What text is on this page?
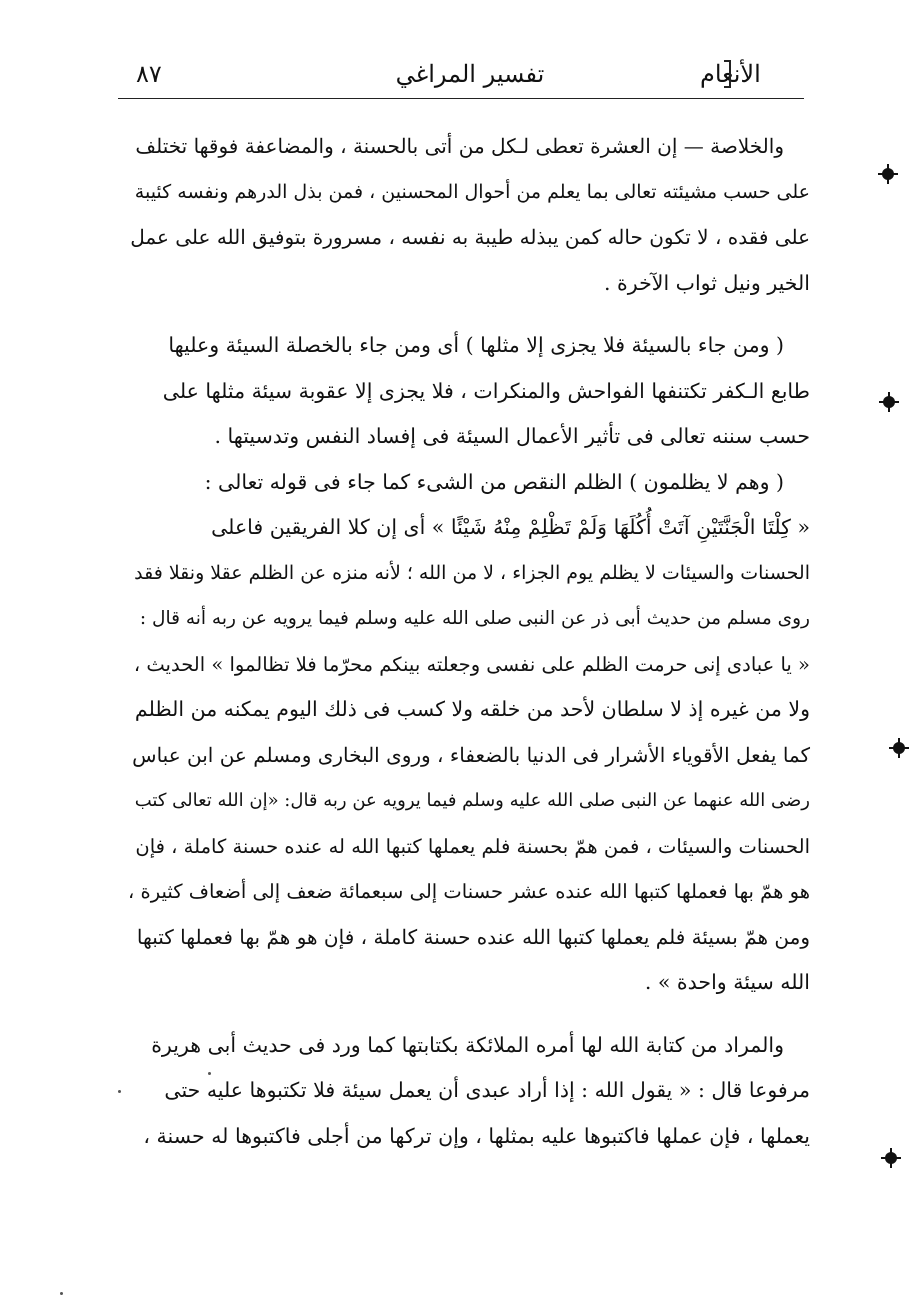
٨٧	تفسير المراغي	الأنعام
والخلاصة — إن العشرة تعطى لـكل من أتى بالحسنة ، والمضاعفة فوقها تختلف
على حسب مشيئته تعالى بما يعلم من أحوال المحسنين ، فمن بذل الدرهم ونفسه كئيبة
على فقده ، لا تكون حاله كمن يبذله طيبة به نفسه ، مسرورة بتوفيق الله على عمل
الخير ونيل ثواب الآخرة .
( ومن جاء بالسيئة فلا يجزى إلا مثلها ) أى ومن جاء بالخصلة السيئة وعليها
طابع الـكفر تكتنفها الفواحش والمنكرات ، فلا يجزى إلا عقوبة سيئة مثلها على
حسب سننه تعالى فى تأثير الأعمال السيئة فى إفساد النفس وتدسيتها .
( وهم لا يظلمون ) الظلم النقص من الشىء كما جاء فى قوله تعالى :
« كِلْتَا الْجَنَّتَيْنِ آتَتْ أُكُلَهَا وَلَمْ تَظْلِمْ مِنْهُ شَيْئًا » أى إن كلا الفريقين فاعلى
الحسنات والسيئات لا يظلم يوم الجزاء ، لا من الله ؛ لأنه منزه عن الظلم عقلا ونقلا فقد
روى مسلم من حديث أبى ذر عن النبى صلى الله عليه وسلم فيما يرويه عن ربه أنه قال :
« يا عبادى إنى حرمت الظلم على نفسى وجعلته بينكم محرّما فلا تظالموا » الحديث ،
ولا من غيره إذ لا سلطان لأحد من خلقه ولا كسب فى ذلك اليوم يمكنه من الظلم
كما يفعل الأقوياء الأشرار فى الدنيا بالضعفاء ، وروى البخارى ومسلم عن ابن عباس
رضى الله عنهما عن النبى صلى الله عليه وسلم فيما يرويه عن ربه قال: «إن الله تعالى كتب
الحسنات والسيئات ، فمن همّ بحسنة فلم يعملها كتبها الله له عنده حسنة كاملة ، فإن
هو همّ بها فعملها كتبها الله عنده عشر حسنات إلى سبعمائة ضعف إلى أضعاف كثيرة ،
ومن همّ بسيئة فلم يعملها كتبها الله عنده حسنة كاملة ، فإن هو همّ بها فعملها كتبها
الله سيئة واحدة » .
والمراد من كتابة الله لها أمره الملائكة بكتابتها كما ورد فى حديث أبى هريرة
مرفوعا قال : « يقول الله : إذا أراد عبدى أن يعمل سيئة فلا تكتبوها عليه حتى
يعملها ، فإن عملها فاكتبوها عليه بمثلها ، وإن تركها من أجلى فاكتبوها له حسنة ،
